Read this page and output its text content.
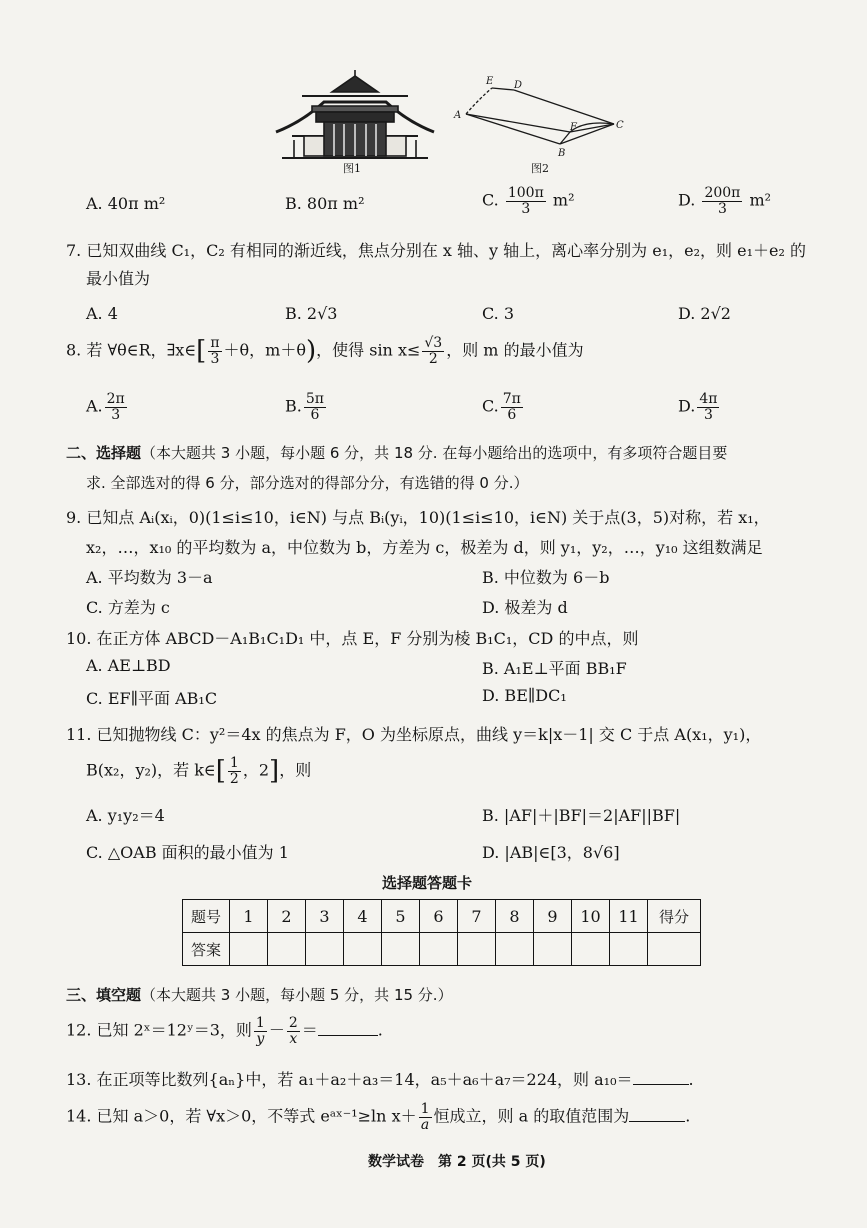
图1
A
E D
F	C
B
图2
A. 40π m²	B. 80π m²	C. $\frac{100\pi}{3} m^2$	D. $\frac{200\pi}{3} m^2$
7. 已知双曲线 C₁，C₂ 有相同的渐近线，焦点分别在 x 轴、y 轴上，离心率分别为 e₁，e₂，则 e₁＋e₂ 的
最小值为
A. 4	B. 2√3	C. 3	D. 2√2
8. 若 ∀θ∈R，∃x∈[ $\frac{\pi}{3} +\theta$，m＋θ)，使得 $\sin x\le \frac{√3}{2}$ ，则 m 的最小值为
A. $\frac{2\pi}{3}$	B. $\frac{5\pi}{6}$	C. $\frac{7\pi}{6}$	D. $\frac{4\pi}{3}$
二、选择题（本大题共 3 小题，每小题 6 分，共 18 分. 在每小题给出的选项中，有多项符合题目要
求. 全部选对的得 6 分，部分选对的得部分分，有选错的得 0 分.）
9. 已知点 Aᵢ(xᵢ，0)(1≤i≤10，i∈N) 与点 Bᵢ(yᵢ，10)(1≤i≤10，i∈N) 关于点(3，5)对称，若 x₁，
x₂，…，x₁₀ 的平均数为 a，中位数为 b，方差为 c，极差为 d，则 y₁，y₂，…，y₁₀ 这组数满足
A. 平均数为 3－a	B. 中位数为 6－b
C. 方差为 c	D. 极差为 d
10. 在正方体 ABCD－A₁B₁C₁D₁ 中，点 E，F 分别为棱 B₁C₁，CD 的中点，则
A. AE⊥BD	B. A₁E⊥平面 BB₁F
C. EF∥平面 AB₁C	D. BE∥DC₁
11. 已知抛物线 C：y²＝4x 的焦点为 F，O 为坐标原点，曲线 y＝k|x－1| 交 C 于点 A(x₁，y₁)，
B(x₂，y₂)，若 k∈[ $\frac{1}{2}$ ，2]，则
A. y₁y₂＝4	B. |AF|＋|BF|＝2|AF||BF|
C. △OAB 面积的最小值为 1	D. |AB|∈[3，8√6]
选择题答题卡
题号	1	2	3	4	5	6	7	8	9	10	11	得分
答案												
三、填空题（本大题共 3 小题，每小题 5 分，共 15 分.）
12. 已知 2ˣ＝12ʸ＝3，则 $\frac{1}{y} - \frac{2}{x}$ ＝	.
13. 在正项等比数列{aₙ}中，若 a₁＋a₂＋a₃＝14，a₅＋a₆＋a₇＝224，则 a₁₀＝	.
14. 已知 a＞0，若 ∀x＞0，不等式 eᵃˣ⁻¹≥ln $x+ \frac{1}{a}$ 恒成立，则 a 的取值范围为	.
数学试卷　第 2 页(共 5 页)
